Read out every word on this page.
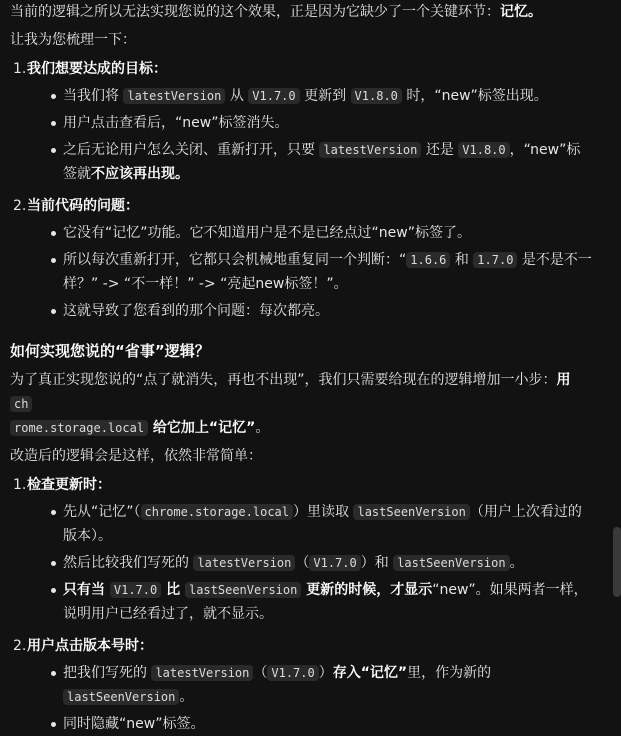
当前的逻辑之所以无法实现您说的这个效果，正是因为它缺少了一个关键环节：记忆。

让我为您梳理一下：

1. 我们想要达成的目标：
当我们将 latestVersion 从 V1.7.0 更新到 V1.8.0 时，“new”标签出现。
用户点击查看后，“new”标签消失。
之后无论用户怎么关闭、重新打开，只要 latestVersion 还是 V1.8.0 ，“new”标签就不应该再出现。
2. 当前代码的问题：
它没有“记忆”功能。它不知道用户是不是已经点过“new”标签了。
所以每次重新打开，它都只会机械地重复同一个判断：“ 1.6.6 和 1.7.0 是不是不一样？” -> “不一样！” -> “亮起new标签！”。
这就导致了您看到的那个问题：每次都亮。
如何实现您说的“省事”逻辑？

为了真正实现您说的“点了就消失，再也不出现”，我们只需要给现在的逻辑增加一小步：用 ch
rome.storage.local 给它加上“记忆”。

改造后的逻辑会是这样，依然非常简单：

1. 检查更新时：
先从“记忆”（ chrome.storage.local ）里读取 lastSeenVersion （用户上次看过的版本）。
然后比较我们写死的 latestVersion （ V1.7.0 ）和 lastSeenVersion 。
只有当 V1.7.0 比 lastSeenVersion 更新的时候，才显示“new”。如果两者一样，说明用户已经看过了，就不显示。
2. 用户点击版本号时：
把我们写死的 latestVersion （ V1.7.0 ）存入“记忆”里，作为新的 lastSeenVersion 。
同时隐藏“new”标签。
